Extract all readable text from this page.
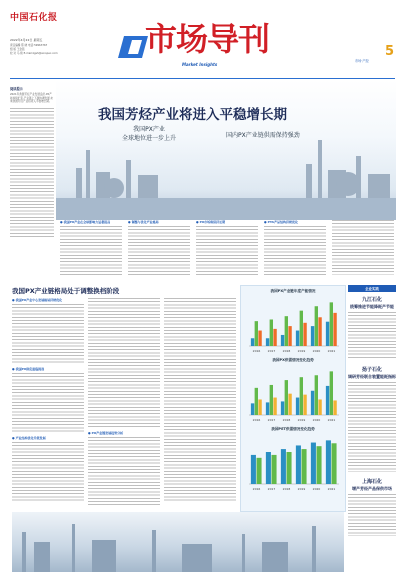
中国石化报
2022年4月22日 星期五
责任编辑 陈 晓 电话:59963767
组 版 王金铭
校 对 马 艳 E-mail:zgsh@sinopec.com	市场导刊
Market Insights
市场·产经
5
我国芳烃产业将进入平稳增长期
我国PX产业
全球地位进一步上升	国内PX产业链供需保持强劲
阅读提示
2021年我国芳烃产业发展良好,PX产能持续扩张,产业链上下游协调发展,未来我国芳烃产业将进入平稳增长期。
● 我国PX产业在全球影响力显著提高	● 调整与优化产业格局	● PX市场将保持长期	● PTA产品结构持续优化
我国PX产业链格局处于调整换档阶段
● 我国PX产业中心发展格局持续优化
● 我国PX供应面临挑战
● 产业结构优化升级发展
● PX产业链发展趋势分析
我国PX产业链年度产能情况
2016 2017 2018 2019 2020 2021
我国PX供需情况变化趋势
2016 2017 2018 2019 2020 2021
我国PET供需情况变化趋势
2016 2017 2018 2019 2020 2021
企业实践
九江石化
统筹推进节能降耗产节能
扬子石化
调研芳烃联合装置能耗指标
上海石化
增产芳烃产品保供市场
